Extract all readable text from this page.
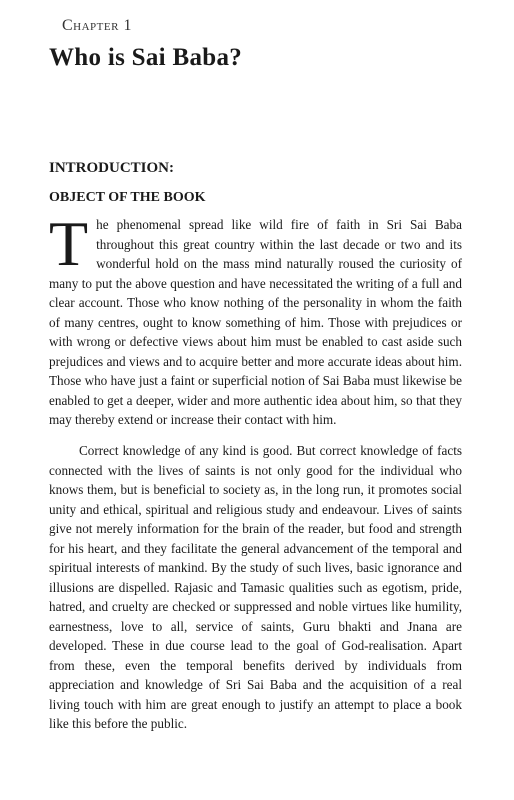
Chapter 1
Who is Sai Baba?
INTRODUCTION:
OBJECT OF THE BOOK

The phenomenal spread like wild fire of faith in Sri Sai Baba throughout this great country within the last decade or two and its wonderful hold on the mass mind naturally roused the curiosity of many to put the above question and have necessitated the writing of a full and clear account. Those who know nothing of the personality in whom the faith of many centres, ought to know something of him. Those with prejudices or with wrong or defective views about him must be enabled to cast aside such prejudices and views and to acquire better and more accurate ideas about him. Those who have just a faint or superficial notion of Sai Baba must likewise be enabled to get a deeper, wider and more authentic idea about him, so that they may thereby extend or increase their contact with him.

Correct knowledge of any kind is good. But correct knowledge of facts connected with the lives of saints is not only good for the individual who knows them, but is beneficial to society as, in the long run, it promotes social unity and ethical, spiritual and religious study and endeavour. Lives of saints give not merely information for the brain of the reader, but food and strength for his heart, and they facilitate the general advancement of the temporal and spiritual interests of mankind. By the study of such lives, basic ignorance and illusions are dispelled. Rajasic and Tamasic qualities such as egotism, pride, hatred, and cruelty are checked or suppressed and noble virtues like humility, earnestness, love to all, service of saints, Guru bhakti and Jnana are developed. These in due course lead to the goal of God-realisation. Apart from these, even the temporal benefits derived by individuals from appreciation and knowledge of Sri Sai Baba and the acquisition of a real living touch with him are great enough to justify an attempt to place a book like this before the public.
